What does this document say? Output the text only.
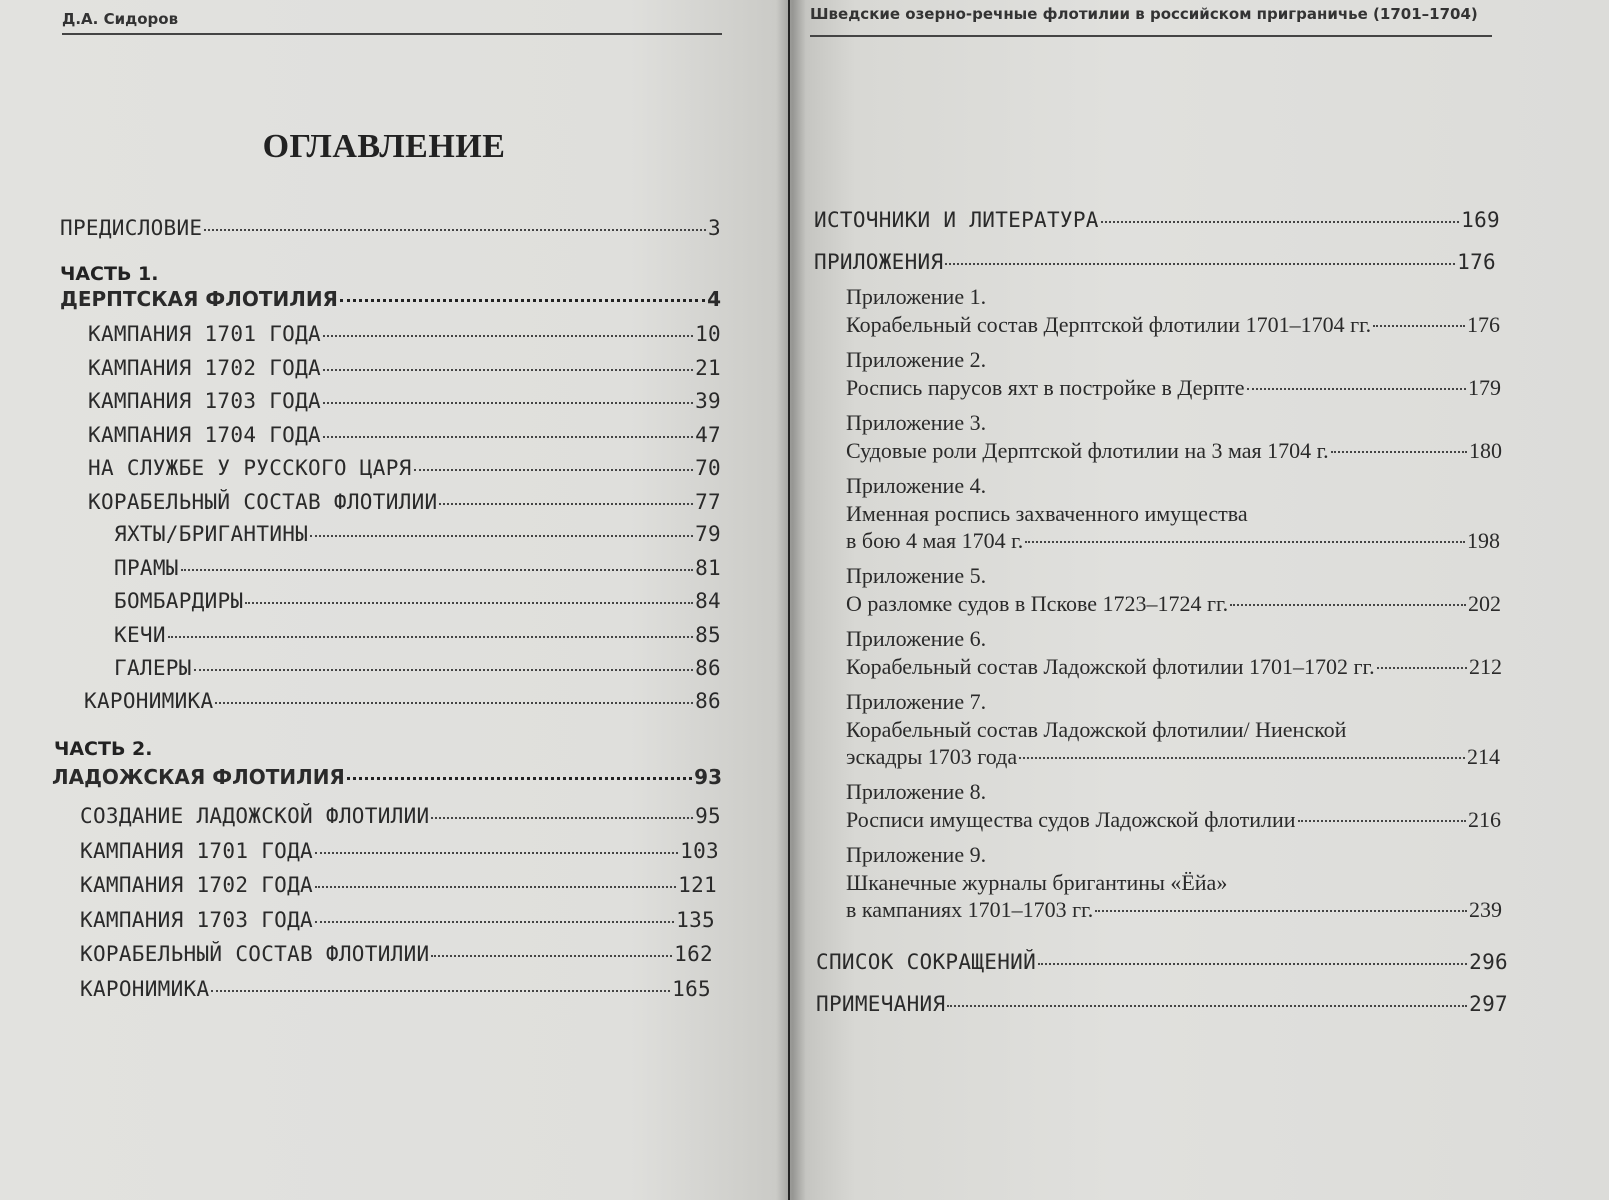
Д.А. Сидоров
ОГЛАВЛЕНИЕ
ПРЕДИСЛОВИЕ	3
ЧАСТЬ 1.
ДЕРПТСКАЯ ФЛОТИЛИЯ	4
ЧАСТЬ 2.
ЛАДОЖСКАЯ ФЛОТИЛИЯ	93
КАМПАНИЯ 1701 ГОДА	10
КАМПАНИЯ 1702 ГОДА	21
КАМПАНИЯ 1703 ГОДА	39
КАМПАНИЯ 1704 ГОДА	47
НА СЛУЖБЕ У РУССКОГО ЦАРЯ	70
КОРАБЕЛЬНЫЙ СОСТАВ ФЛОТИЛИИ	77
ЯХТЫ/БРИГАНТИНЫ	79
ПРАМЫ	81
БОМБАРДИРЫ	84
КЕЧИ	85
ГАЛЕРЫ	86
КАРОНИМИКА	86
СОЗДАНИЕ ЛАДОЖСКОЙ ФЛОТИЛИИ	95
КАМПАНИЯ 1701 ГОДА	103
КАМПАНИЯ 1702 ГОДА	121
КАМПАНИЯ 1703 ГОДА	135
КОРАБЕЛЬНЫЙ СОСТАВ ФЛОТИЛИИ	162
КАРОНИМИКА	165
Шведские озерно-речные флотилии в российском приграничье (1701–1704)
ИСТОЧНИКИ И ЛИТЕРАТУРА	169
ПРИЛОЖЕНИЯ	176
СПИСОК СОКРАЩЕНИЙ	296
ПРИМЕЧАНИЯ	297
Приложение 1.
Корабельный состав Дерптской флотилии 1701–1704 гг.	176
Приложение 2.
Роспись парусов яхт в постройке в Дерпте	179
Приложение 3.
Судовые роли Дерптской флотилии на 3 мая 1704 г.	180
Приложение 4.
Именная роспись захваченного имущества
в бою 4 мая 1704 г.	198
Приложение 5.
О разломке судов в Пскове 1723–1724 гг.	202
Приложение 6.
Корабельный состав Ладожской флотилии 1701–1702 гг.	212
Приложение 7.
Корабельный состав Ладожской флотилии/ Ниенской
эскадры 1703 года	214
Приложение 8.
Росписи имущества судов Ладожской флотилии	216
Приложение 9.
Шканечные журналы бригантины «Ёйа»
в кампаниях 1701–1703 гг.	239
